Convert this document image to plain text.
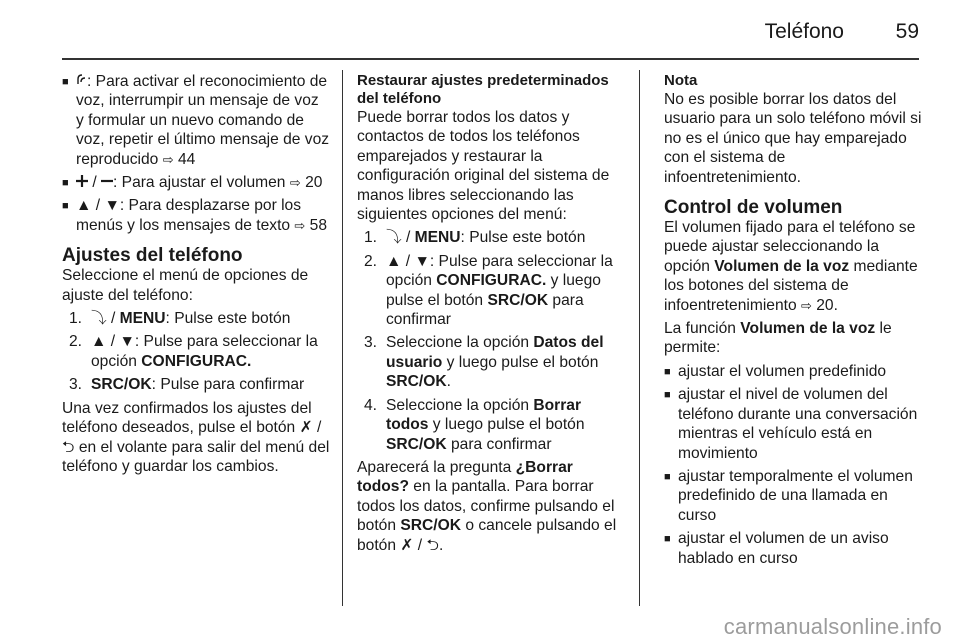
Teléfono 59
■ : Para activar el reconocimiento de voz, interrumpir un mensaje de voz y formular un nuevo comando de voz, repetir el último mensaje de voz reproducido ⇨ 44
■ / : Para ajustar el volumen ⇨ 20
■ ▲ / ▼: Para desplazarse por los menús y los mensajes de texto ⇨ 58
Ajustes del teléfono
Seleccione el menú de opciones de ajuste del teléfono:
1. ⤵ / MENU: Pulse este botón
2. ▲ / ▼: Pulse para seleccionar la opción CONFIGURAC.
3. SRC/OK: Pulse para confirmar
Una vez confirmados los ajustes del teléfono deseados, pulse el botón ✗ / ⮌ en el volante para salir del menú del teléfono y guardar los cambios.
Restaurar ajustes predeterminados del teléfono
Puede borrar todos los datos y contactos de todos los teléfonos emparejados y restaurar la configuración original del sistema de manos libres seleccionando las siguientes opciones del menú:
1. ⤵ / MENU: Pulse este botón
2. ▲ / ▼: Pulse para seleccionar la opción CONFIGURAC. y luego pulse el botón SRC/OK para confirmar
3. Seleccione la opción Datos del usuario y luego pulse el botón SRC/OK.
4. Seleccione la opción Borrar todos y luego pulse el botón SRC/OK para confirmar
Aparecerá la pregunta ¿Borrar todos? en la pantalla. Para borrar todos los datos, confirme pulsando el botón SRC/OK o cancele pulsando el botón ✗ / ⮌.
Nota
No es posible borrar los datos del usuario para un solo teléfono móvil si no es el único que hay emparejado con el sistema de infoentretenimiento.
Control de volumen
El volumen fijado para el teléfono se puede ajustar seleccionando la opción Volumen de la voz mediante los botones del sistema de infoentretenimiento ⇨ 20.
La función Volumen de la voz le permite:
■ ajustar el volumen predefinido
■ ajustar el nivel de volumen del teléfono durante una conversación mientras el vehículo está en movimiento
■ ajustar temporalmente el volumen predefinido de una llamada en curso
■ ajustar el volumen de un aviso hablado en curso
carmanualsonline.info
